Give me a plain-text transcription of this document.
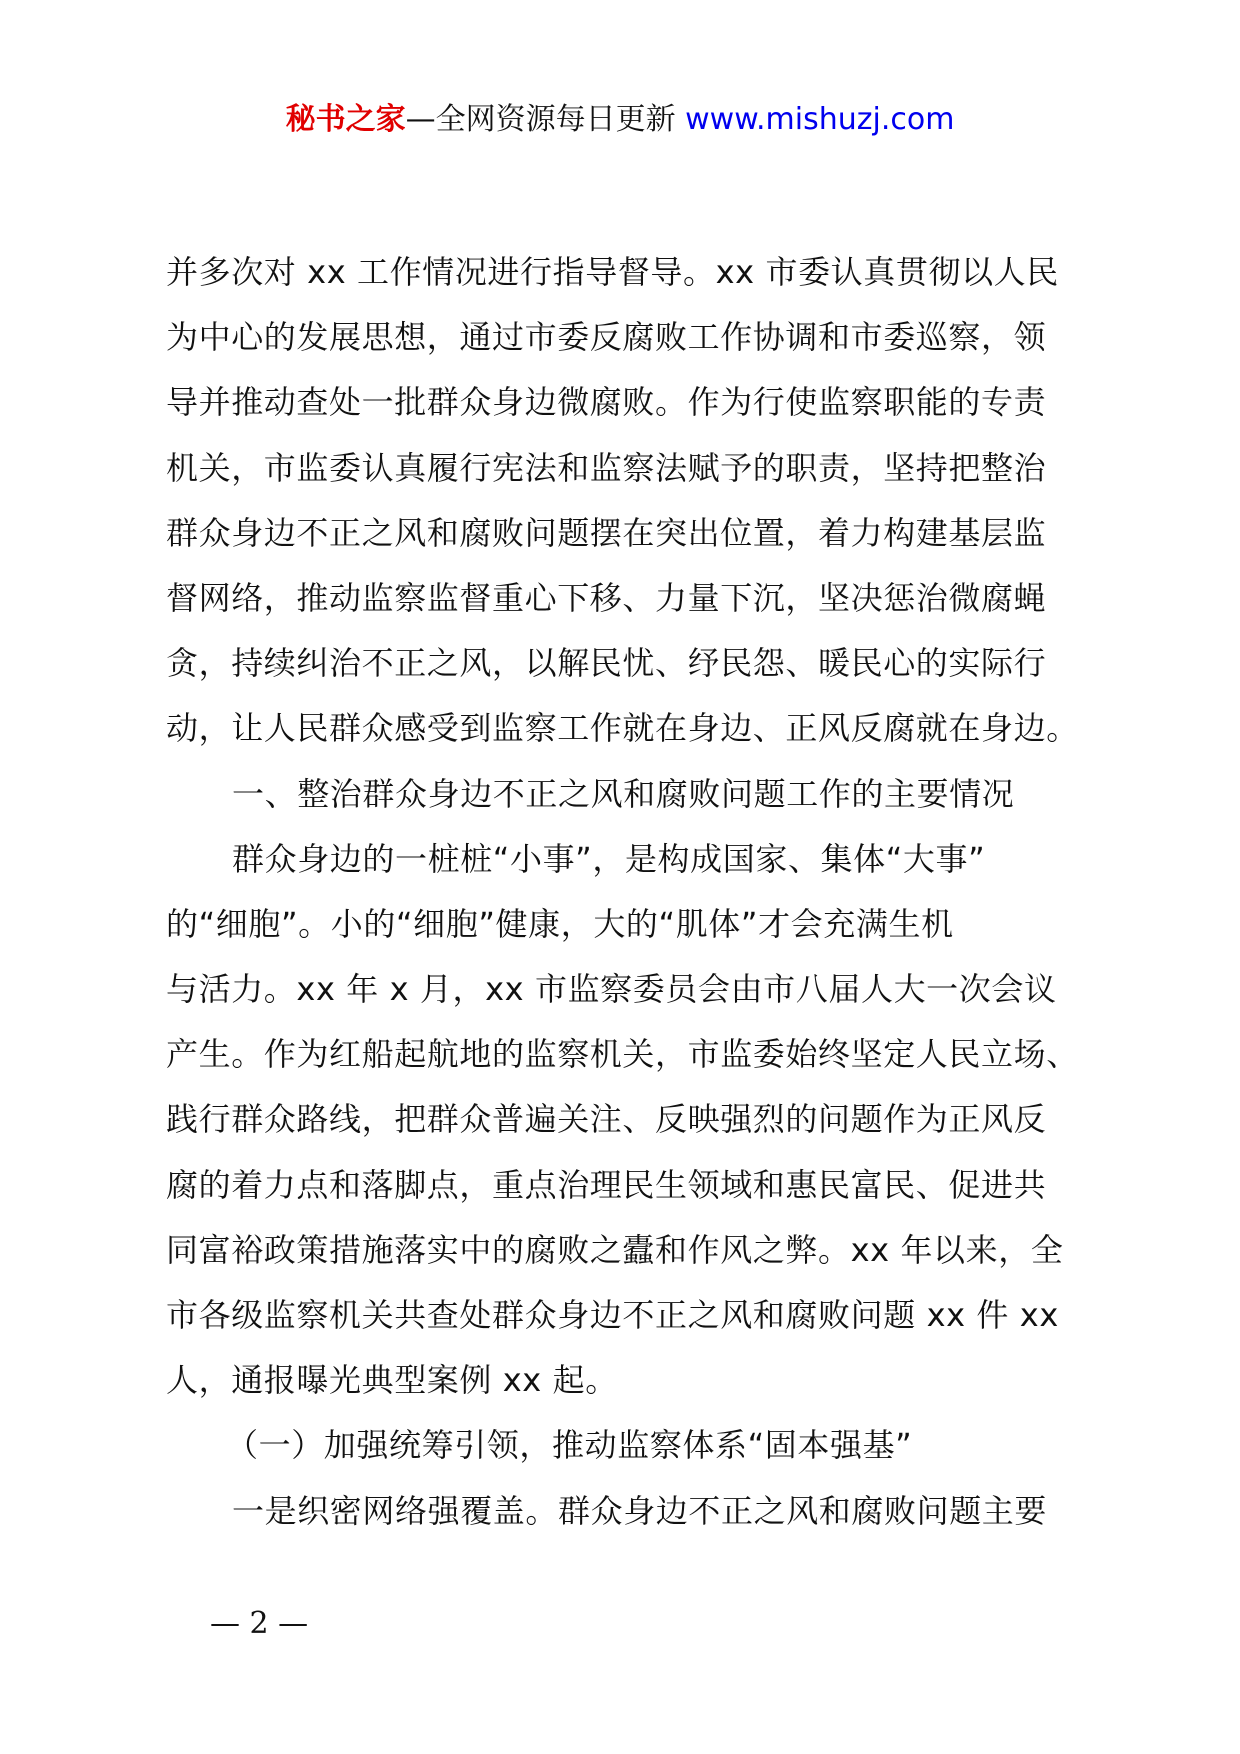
秘书之家—全网资源每日更新 www.mishuzj.com
并多次对 xx 工作情况进行指导督导。xx 市委认真贯彻以人民
为中心的发展思想，通过市委反腐败工作协调和市委巡察，领
导并推动查处一批群众身边微腐败。作为行使监察职能的专责
机关，市监委认真履行宪法和监察法赋予的职责，坚持把整治
群众身边不正之风和腐败问题摆在突出位置，着力构建基层监
督网络，推动监察监督重心下移、力量下沉，坚决惩治微腐蝇
贪，持续纠治不正之风，以解民忧、纾民怨、暖民心的实际行
动，让人民群众感受到监察工作就在身边、正风反腐就在身边。
一、整治群众身边不正之风和腐败问题工作的主要情况
群众身边的一桩桩“小事”，是构成国家、集体“大事”
的“细胞”。小的“细胞”健康，大的“肌体”才会充满生机
与活力。xx 年 x 月，xx 市监察委员会由市八届人大一次会议
产生。作为红船起航地的监察机关，市监委始终坚定人民立场、
践行群众路线，把群众普遍关注、反映强烈的问题作为正风反
腐的着力点和落脚点，重点治理民生领域和惠民富民、促进共
同富裕政策措施落实中的腐败之蠹和作风之弊。xx 年以来，全
市各级监察机关共查处群众身边不正之风和腐败问题 xx 件 xx
人，通报曝光典型案例 xx 起。
（一）加强统筹引领，推动监察体系“固本强基”
一是织密网络强覆盖。群众身边不正之风和腐败问题主要
— 2 —
